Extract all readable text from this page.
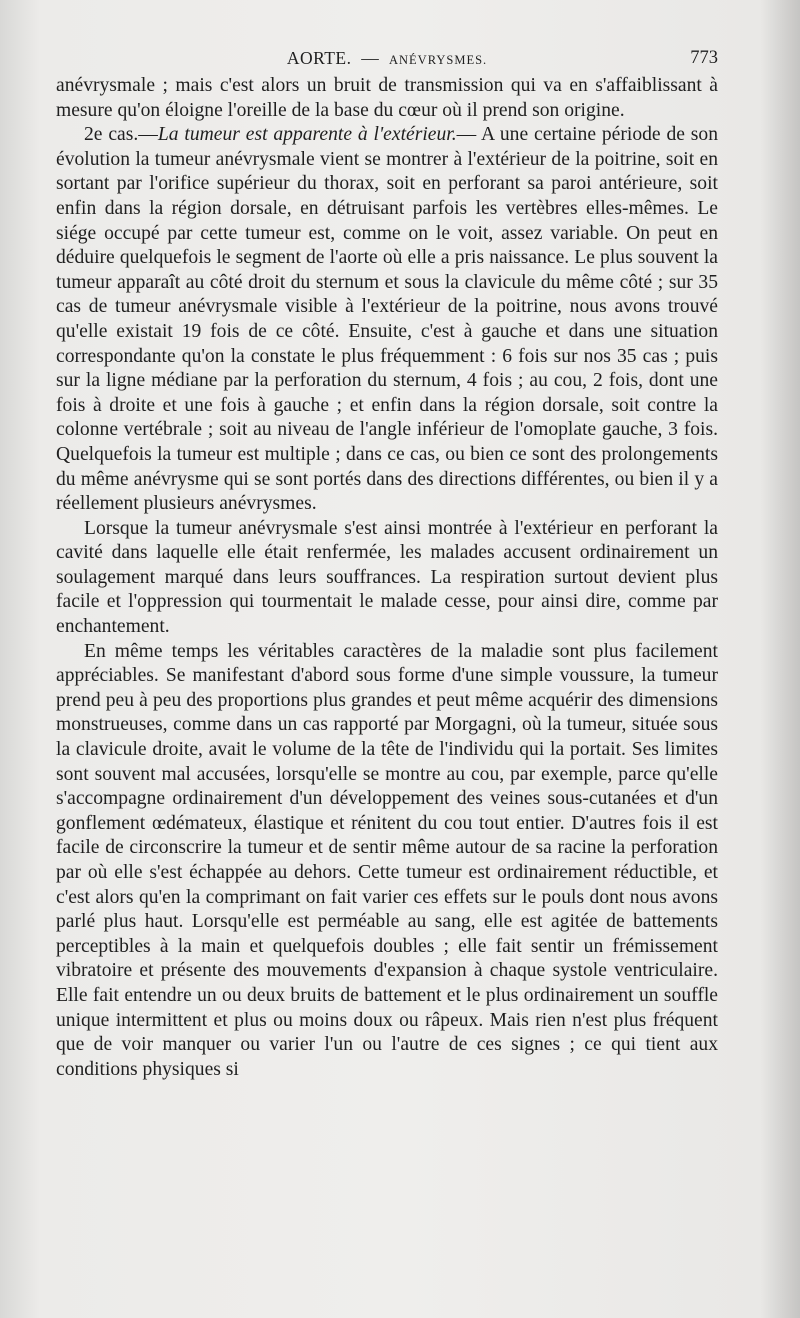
AORTE. — ANÉVRYSMES.	773

anévrysmale ; mais c'est alors un bruit de transmission qui va en s'affaiblissant à mesure qu'on éloigne l'oreille de la base du cœur où il prend son origine.

2e cas.—La tumeur est apparente à l'extérieur.— A une certaine période de son évolution la tumeur anévrysmale vient se montrer à l'extérieur de la poitrine, soit en sortant par l'orifice supérieur du thorax, soit en perforant sa paroi antérieure, soit enfin dans la région dorsale, en détruisant parfois les vertèbres elles-mêmes. Le siége occupé par cette tumeur est, comme on le voit, assez variable. On peut en déduire quelquefois le segment de l'aorte où elle a pris naissance. Le plus souvent la tumeur apparaît au côté droit du sternum et sous la clavicule du même côté ; sur 35 cas de tumeur anévrysmale visible à l'extérieur de la poitrine, nous avons trouvé qu'elle existait 19 fois de ce côté. Ensuite, c'est à gauche et dans une situation correspondante qu'on la constate le plus fréquemment : 6 fois sur nos 35 cas ; puis sur la ligne médiane par la perforation du sternum, 4 fois ; au cou, 2 fois, dont une fois à droite et une fois à gauche ; et enfin dans la région dorsale, soit contre la colonne vertébrale ; soit au niveau de l'angle inférieur de l'omoplate gauche, 3 fois. Quelquefois la tumeur est multiple ; dans ce cas, ou bien ce sont des prolongements du même anévrysme qui se sont portés dans des directions différentes, ou bien il y a réellement plusieurs anévrysmes.

Lorsque la tumeur anévrysmale s'est ainsi montrée à l'extérieur en perforant la cavité dans laquelle elle était renfermée, les malades accusent ordinairement un soulagement marqué dans leurs souffrances. La respiration surtout devient plus facile et l'oppression qui tourmentait le malade cesse, pour ainsi dire, comme par enchantement.

En même temps les véritables caractères de la maladie sont plus facilement appréciables. Se manifestant d'abord sous forme d'une simple voussure, la tumeur prend peu à peu des proportions plus grandes et peut même acquérir des dimensions monstrueuses, comme dans un cas rapporté par Morgagni, où la tumeur, située sous la clavicule droite, avait le volume de la tête de l'individu qui la portait. Ses limites sont souvent mal accusées, lorsqu'elle se montre au cou, par exemple, parce qu'elle s'accompagne ordinairement d'un développement des veines sous-cutanées et d'un gonflement œdémateux, élastique et rénitent du cou tout entier. D'autres fois il est facile de circonscrire la tumeur et de sentir même autour de sa racine la perforation par où elle s'est échappée au dehors. Cette tumeur est ordinairement réductible, et c'est alors qu'en la comprimant on fait varier ces effets sur le pouls dont nous avons parlé plus haut. Lorsqu'elle est perméable au sang, elle est agitée de battements perceptibles à la main et quelquefois doubles ; elle fait sentir un frémissement vibratoire et présente des mouvements d'expansion à chaque systole ventriculaire. Elle fait entendre un ou deux bruits de battement et le plus ordinairement un souffle unique intermittent et plus ou moins doux ou râpeux. Mais rien n'est plus fréquent que de voir manquer ou varier l'un ou l'autre de ces signes ; ce qui tient aux conditions physiques si
